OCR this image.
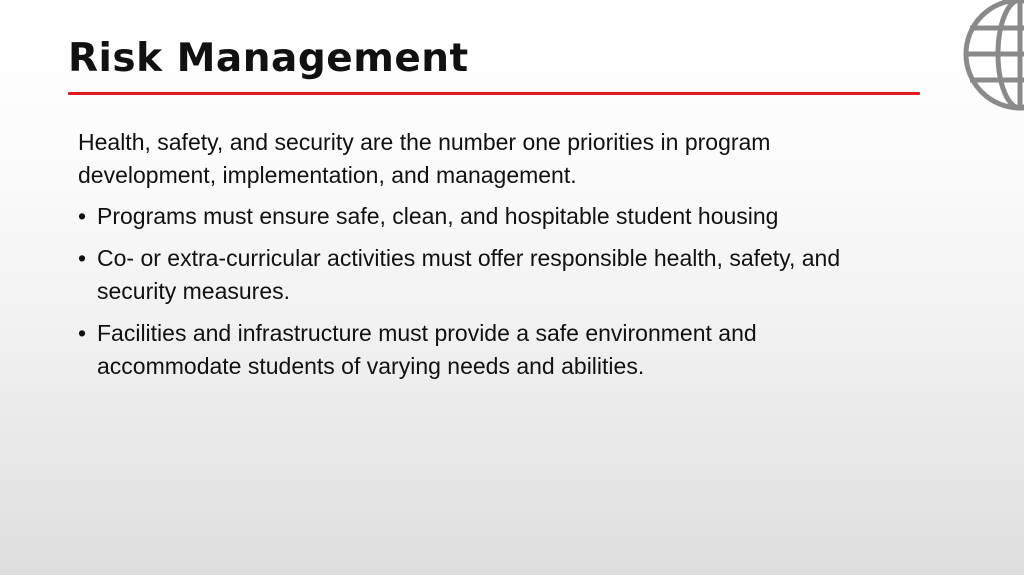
Risk Management

Health, safety, and security are the number one priorities in program development, implementation, and management.

• Programs must ensure safe, clean, and hospitable student housing
• Co- or extra-curricular activities must offer responsible health, safety, and security measures.
• Facilities and infrastructure must provide a safe environment and accommodate students of varying needs and abilities.
